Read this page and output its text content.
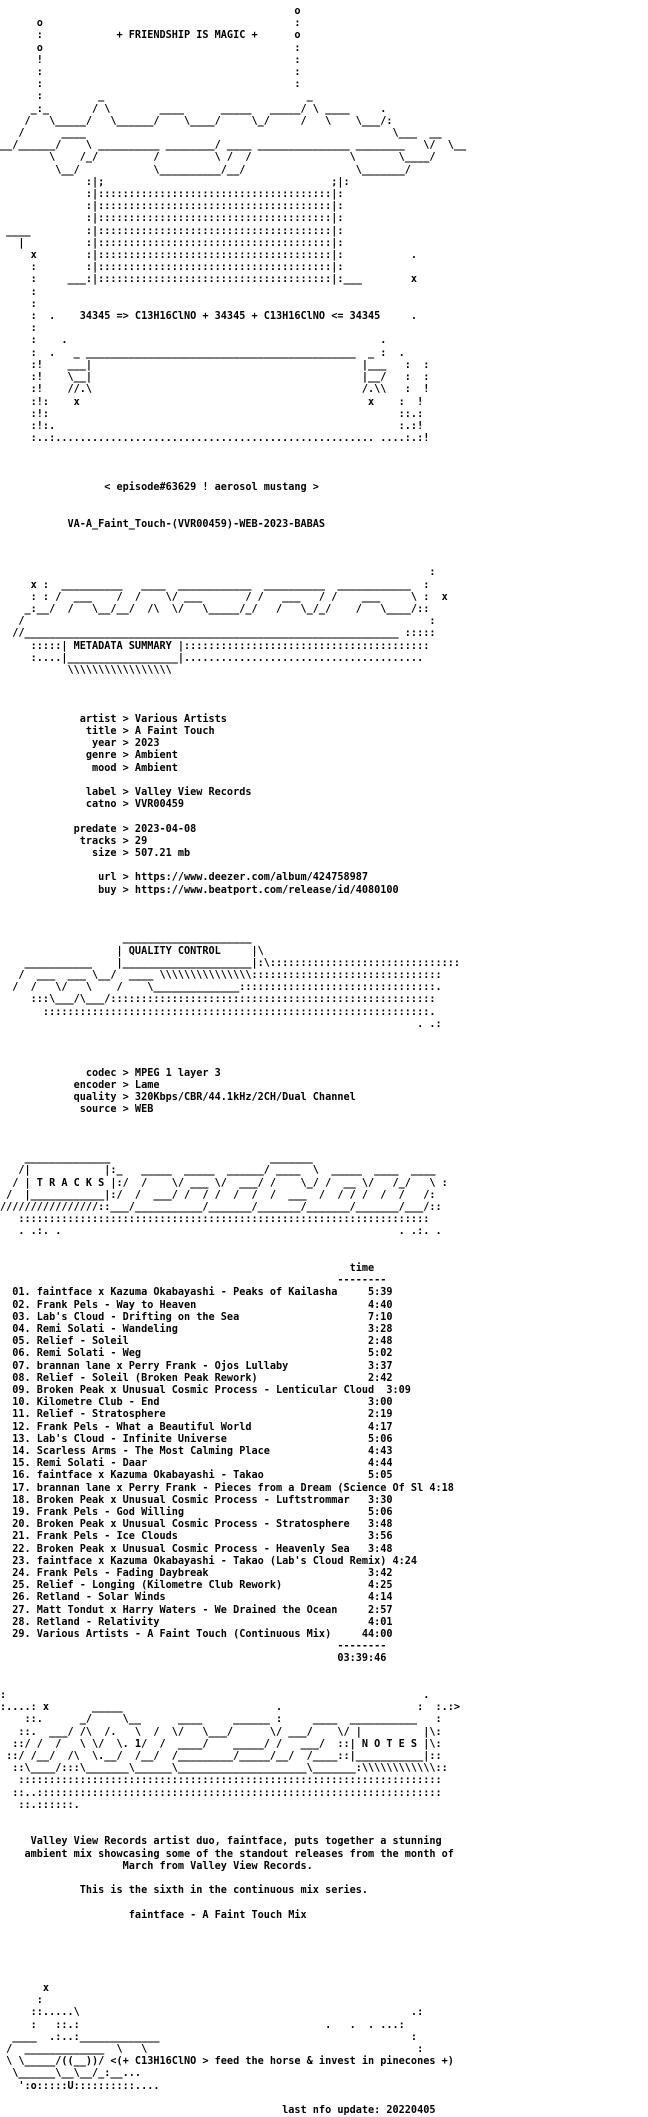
o
o                                         :
:            + FRIENDSHIP IS MAGIC +      o
o                                         :
!                                         :
:                                         :
:                                         :
:         _                                 _
_:_       / \        ____      _____   _____/ \ ____     .
/   \_____/   \______/    \____/     \_/     /   \    \___/:
/      ____                                                  \___  __
__/______/    \ __________ ________/ ____ _______________ ________   \/  \__
\    /_/         /         \ /  /                \       \____/
\__/            \__________/__/                  \_______/
:|;                                     ;|:
:|::::::::::::::::::::::::::::::::::::::|:
:|::::::::::::::::::::::::::::::::::::::|:
:|::::::::::::::::::::::::::::::::::::::|:
____         :|::::::::::::::::::::::::::::::::::::::|:
|          :|::::::::::::::::::::::::::::::::::::::|:
x        :|::::::::::::::::::::::::::::::::::::::|:           .
:        :|::::::::::::::::::::::::::::::::::::::|:
:     ___:|::::::::::::::::::::::::::::::::::::::|:___        x
:
:
:  .    34345 => C13H16ClNO + 34345 + C13H16ClNO <= 34345     .
:
:    .                                                   .
:  .   _ ____________________________________________  _ :  .
:!    ___|                                            |___   :  :
:!    \__|                                            |__/   :  :
:!    //.\                                            /.\\   :  !
:!:    x                                               x    :  !
:!:                                                         ::.:
:!:.                                                        :.:!
:..:.................................................... ....:.:!

< episode#63629 ! aerosol mustang >

VA-A_Faint_Touch-(VVR00459)-WEB-2023-BABAS

:
x :  __________   ____  ____________  __________  ____________  :
: : /  ___    /  /    \/ ___       / /   ___   / /    ___     \ :  x
_:__/  /   \__/__/  /\  \/   \_____/_/   /   \_/_/    /   \____/::
/                                                                  :
//_____________________________________________________________ :::::
:::::| METADATA SUMMARY |::::::::::::::::::::::::::::::::::::::::
:....|__________________|.......................................
\\\\\\\\\\\\\\\\\

artist > Various Artists
title > A Faint Touch
year > 2023
genre > Ambient
mood > Ambient

label > Valley View Records
catno > VVR00459

predate > 2023-04-08
tracks > 29
size > 507.21 mb

url > https://www.deezer.com/album/424758987
buy > https://www.beatport.com/release/id/4080100

_____________________
| QUALITY CONTROL     |\
___________    |_____________________|:\:::::::::::::::::::::::::::::::
/  ___  ___ \__/  ____ \\\\\\\\\\\\\\\:::::::::::::::::::::::::::::::
/  /   \/   \    /    \______________::::::::::::::::::::::::::::::::.
:::\___/\___/:::::::::::::::::::::::::::::::::::::::::::::::::::::
:::::::::::::::::::::::::::::::::::::::::::::::::::::::::::::::.
. .:

codec > MPEG 1 layer 3
encoder > Lame
quality > 320Kbps/CBR/44.1kHz/2CH/Dual Channel
source > WEB

______________                          _______
/|            |:_   _____  _____  ______/ ____  \  _____  ____  ____
/ | T R A C K S |:/  /    \/ ___ \/  ___/ /    \_/ /  __ \/   /_/   \ :
/  |____________|:/  /  ___/ /  / /  /  /  /  ___  /  / / /  /  /   /:
////////////////::___/___________/_______/_______/_______/_______/___/::
:::::::::::::::::::::::::::::::::::::::::::::::::::::::::::::::::::
. .:. .                                                       . .:. .

time
--------
01. faintface x Kazuma Okabayashi - Peaks of Kailasha     5:39
02. Frank Pels - Way to Heaven                            4:40
03. Lab's Cloud - Drifting on the Sea                     7:10
04. Remi Solati - Wandeling                               3:28
05. Relief - Soleil                                       2:48
06. Remi Solati - Weg                                     5:02
07. brannan lane x Perry Frank - Ojos Lullaby             3:37
08. Relief - Soleil (Broken Peak Rework)                  2:42
09. Broken Peak x Unusual Cosmic Process - Lenticular Cloud  3:09
10. Kilometre Club - End                                  3:00
11. Relief - Stratosphere                                 2:19
12. Frank Pels - What a Beautiful World                   4:17
13. Lab's Cloud - Infinite Universe                       5:06
14. Scarless Arms - The Most Calming Place                4:43
15. Remi Solati - Daar                                    4:44
16. faintface x Kazuma Okabayashi - Takao                 5:05
17. brannan lane x Perry Frank - Pieces from a Dream (Science Of Sl 4:18
18. Broken Peak x Unusual Cosmic Process - Luftstrommar   3:30
19. Frank Pels - God Willing                              5:06
20. Broken Peak x Unusual Cosmic Process - Stratosphere   3:48
21. Frank Pels - Ice Clouds                               3:56
22. Broken Peak x Unusual Cosmic Process - Heavenly Sea   3:48
23. faintface x Kazuma Okabayashi - Takao (Lab's Cloud Remix) 4:24
24. Frank Pels - Fading Daybreak                          3:42
25. Relief - Longing (Kilometre Club Rework)              4:25
26. Retland - Solar Winds                                 4:14
27. Matt Tondut x Harry Waters - We Drained the Ocean     2:57
28. Retland - Relativity                                  4:01
29. Various Artists - A Faint Touch (Continuous Mix)     44:00
--------
03:39:46

:                                                                    .
:....: x       _____                         .                      :  :.:>
::.      _/     \__      ____     ______ :     ____  ___________   :
::.  ___/ /\  /.   \  /  \/   \___/      \/ ___/    \/ |          |\:
::/ /  /   \ \/  \. 1/  /  ____/    _____/ /   ___/  ::| N O T E S |\:
::/ /__/  /\  \.__/  /__/  /_________/_____/__/  /____::|___________|::
::\____/:::\_______\______\_____________________\_______:\\\\\\\\\\\\::
:::::::::::::::::::::::::::::::::::::::::::::::::::::::::::::::::::::
::..::::::::::::::::::::::::::::::::::::::::::::::::::::::::::::::::::
::.::::::.

Valley View Records artist duo, faintface, puts together a stunning
ambient mix showcasing some of the standout releases from the month of
March from Valley View Records.

This is the sixth in the continuous mix series.

faintface - A Faint Touch Mix

x
:
::.....\                                                      .:
:   ::.:                                        .   .  . ...:
____  .:..:_____________                                         :
/  _____________  \   \                                            :
\ \_____/((__))/ <(+ C13H16ClNO > feed the horse & invest in pinecones +)
\______\__\__/_:__...
':o:::::U::::::::::....

last nfo update: 20220405
